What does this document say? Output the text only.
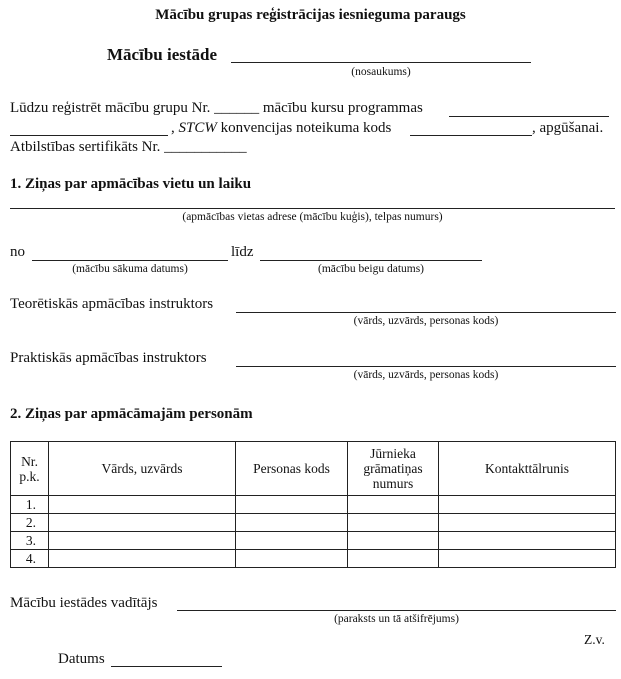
Mācību grupas reģistrācijas iesnieguma paraugs
Mācību iestāde
(nosaukums)
Lūdzu reģistrēt mācību grupu Nr. ______ mācību kursu programmas
, STCW konvencijas noteikuma kods	, apgūšanai.
Atbilstības sertifikāts Nr. ___________
1. Ziņas par apmācības vietu un laiku
(apmācības vietas adrese (mācību kuģis), telpas numurs)
no
(mācību sākuma datums)
līdz
(mācību beigu datums)
Teorētiskās apmācības instruktors
(vārds, uzvārds, personas kods)
Praktiskās apmācības instruktors
(vārds, uzvārds, personas kods)
2. Ziņas par apmācāmajām personām
Nr. p.k.	Vārds, uzvārds	Personas kods	Jūrnieka grāmatiņas numurs	Kontakttālrunis
1.				
2.				
3.				
4.				
Mācību iestādes vadītājs
(paraksts un tā atšifrējums)
Z.v.
Datums
